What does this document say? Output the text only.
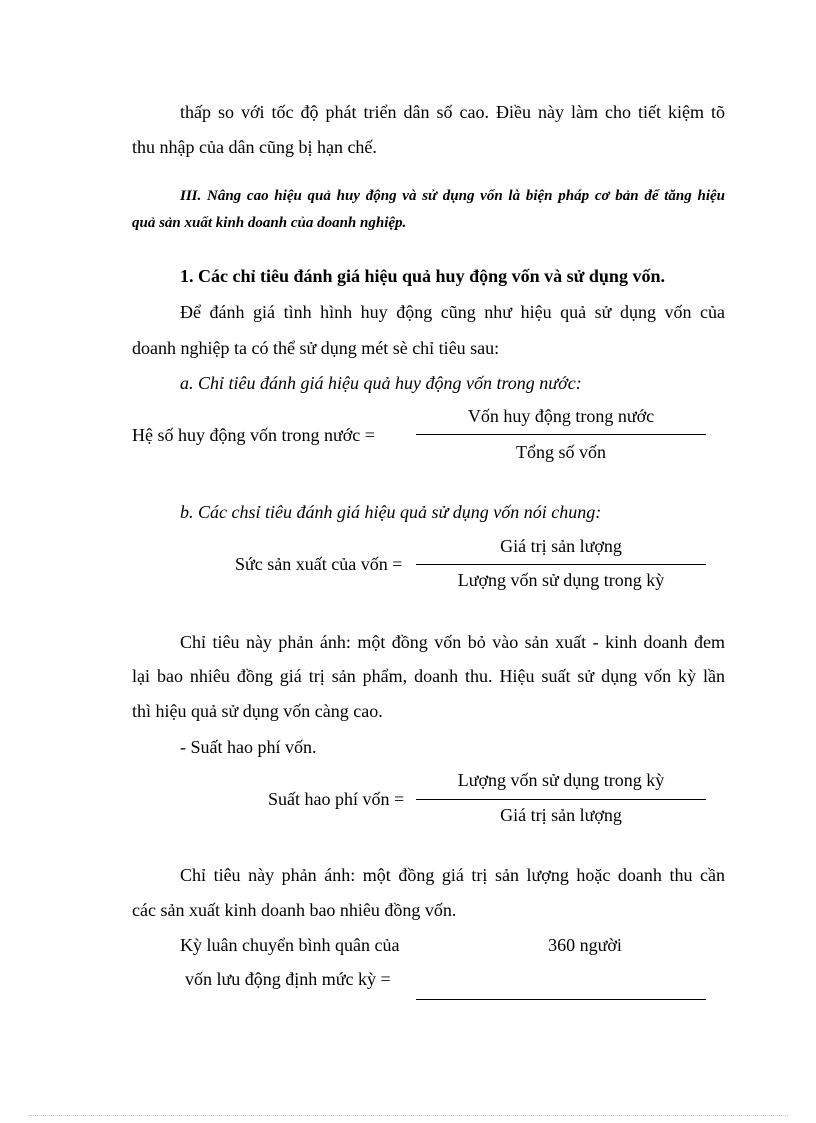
thấp so với tốc độ phát triển dân số cao. Điều này làm cho tiết kiệm tõ
thu nhập của dân cũng bị hạn chế.
III. Nâng cao hiệu quả huy động và sử dụng vốn là biện pháp cơ bản để tăng hiệu
quả sản xuất kinh doanh của doanh nghiệp.
1. Các chỉ tiêu đánh giá hiệu quả huy động vốn và sử dụng vốn.
Để đánh giá tình hình huy động cũng như hiệu quả sử dụng vốn của
doanh nghiệp ta có thể sử dụng mét sè chỉ tiêu sau:
a. Chỉ tiêu đánh giá hiệu quả huy động vốn trong nước:
Hệ số huy động vốn trong nước =
Vốn huy động trong nước
Tổng số vốn
b. Các chsỉ tiêu đánh giá hiệu quả sử dụng vốn nói chung:
Sức sản xuất của vốn =
Giá trị sản lượng
Lượng vốn sử dụng trong kỳ
Chỉ tiêu này phản ánh: một đồng vốn bỏ vào sản xuất - kinh doanh đem
lại bao nhiêu đồng giá trị sản phẩm, doanh thu. Hiệu suất sử dụng vốn kỳ lần
thì hiệu quả sử dụng vốn càng cao.
- Suất hao phí vốn.
Suất hao phí vốn =
Lượng vốn sử dụng trong kỳ
Giá trị sản lượng
Chỉ tiêu này phản ánh: một đồng giá trị sản lượng hoặc doanh thu cần
các sản xuất kinh doanh bao nhiêu đồng vốn.
Kỳ luân chuyển bình quân của
vốn lưu động định mức kỳ =
360 người
